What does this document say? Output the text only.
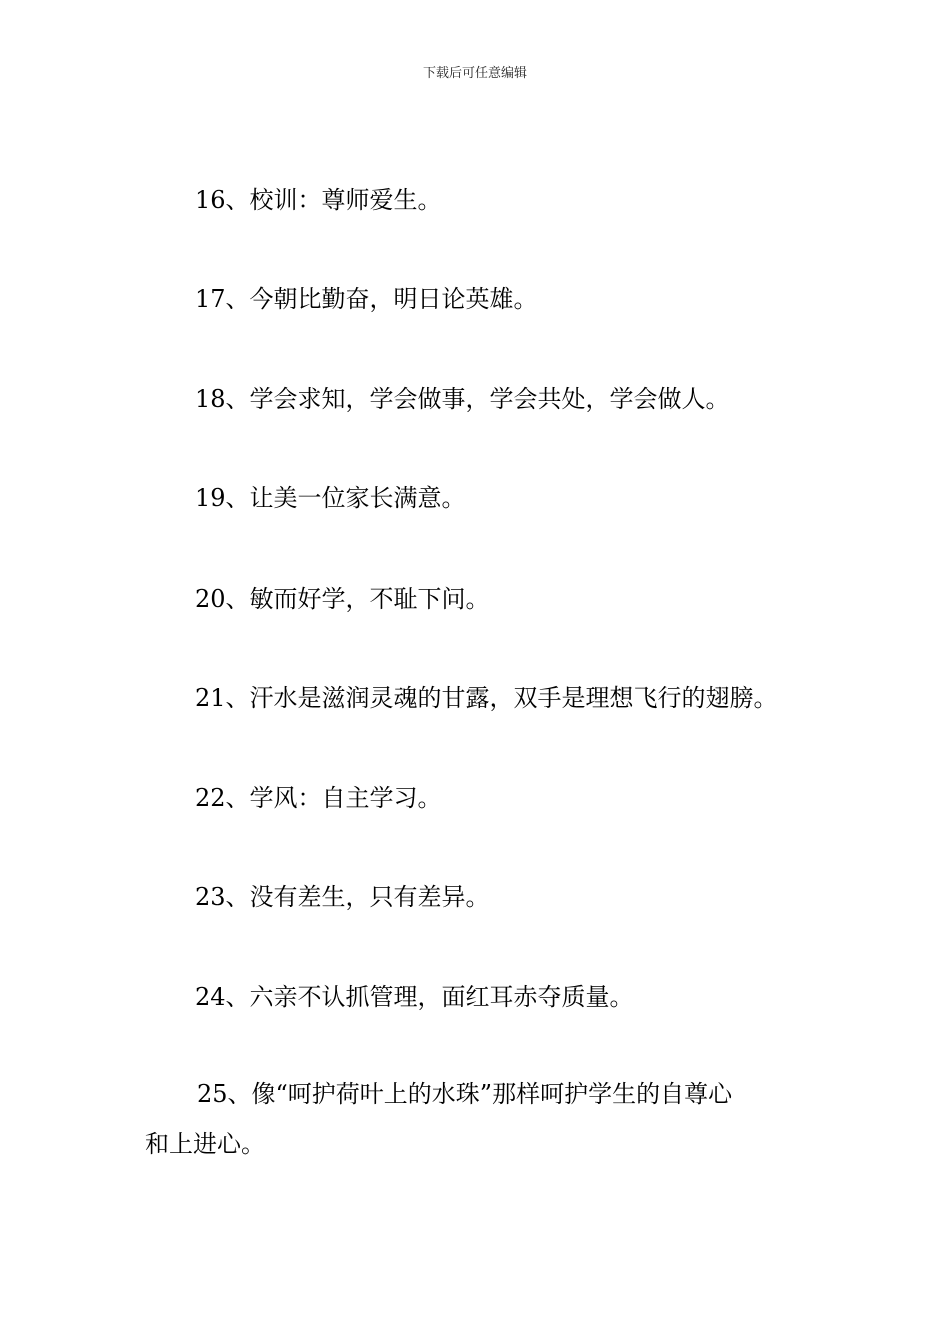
下载后可任意编辑
16、校训：尊师爱生。
17、今朝比勤奋，明日论英雄。
18、学会求知，学会做事，学会共处，学会做人。
19、让美一位家长满意。
20、敏而好学，不耻下问。
21、汗水是滋润灵魂的甘露，双手是理想飞行的翅膀。
22、学风：自主学习。
23、没有差生，只有差异。
24、六亲不认抓管理，面红耳赤夺质量。
25、像“呵护荷叶上的水珠”那样呵护学生的自尊心
和上进心。
